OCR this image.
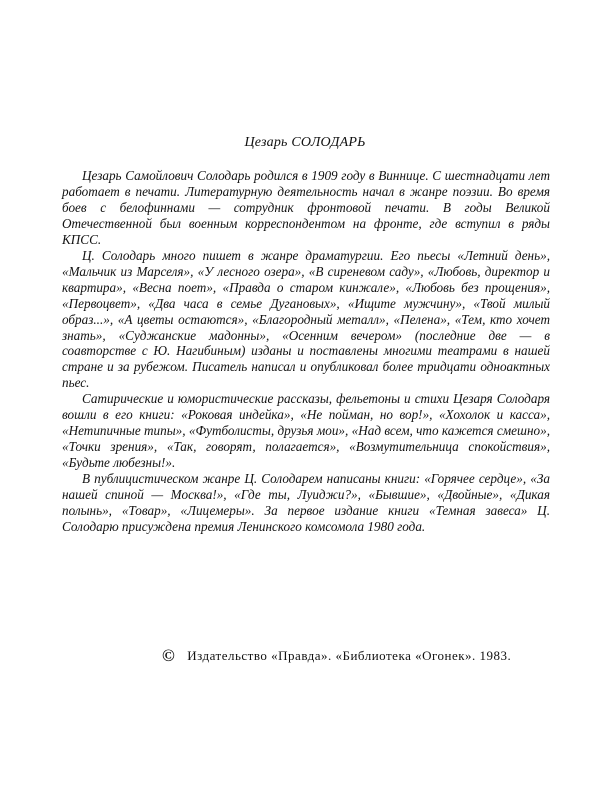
Цезарь СОЛОДАРЬ

Цезарь Самойлович Солодарь родился в 1909 году в Виннице. С шестнадцати лет работает в печати. Литературную деятельность начал в жанре поэзии. Во время боев с белофиннами — сотрудник фронтовой печати. В годы Великой Отечественной был военным корреспондентом на фронте, где вступил в ряды КПСС.

Ц. Солодарь много пишет в жанре драматургии. Его пьесы «Летний день», «Мальчик из Марселя», «У лесного озера», «В сиреневом саду», «Любовь, директор и квартира», «Весна поет», «Правда о старом кинжале», «Любовь без прощения», «Первоцвет», «Два часа в семье Дугановых», «Ищите мужчину», «Твой милый образ...», «А цветы остаются», «Благородный металл», «Пелена», «Тем, кто хочет знать», «Суджанские мадонны», «Осенним вечером» (последние две — в соавторстве с Ю. Нагибиным) изданы и поставлены многими театрами в нашей стране и за рубежом. Писатель написал и опубликовал более тридцати одноактных пьес.

Сатирические и юмористические рассказы, фельетоны и стихи Цезаря Солодаря вошли в его книги: «Роковая индейка», «Не пойман, но вор!», «Хохолок и касса», «Нетипичные типы», «Футболисты, друзья мои», «Над всем, что кажется смешно», «Точки зрения», «Так, говорят, полагается», «Возмутительница спокойствия», «Будьте любезны!».

В публицистическом жанре Ц. Солодарем написаны книги: «Горячее сердце», «За нашей спиной — Москва!», «Где ты, Луиджи?», «Бывшие», «Двойные», «Дикая полынь», «Товар», «Лицемеры». За первое издание книги «Темная завеса» Ц. Солодарю присуждена премия Ленинского комсомола 1980 года.

© Издательство «Правда». «Библиотека «Огонек». 1983.
